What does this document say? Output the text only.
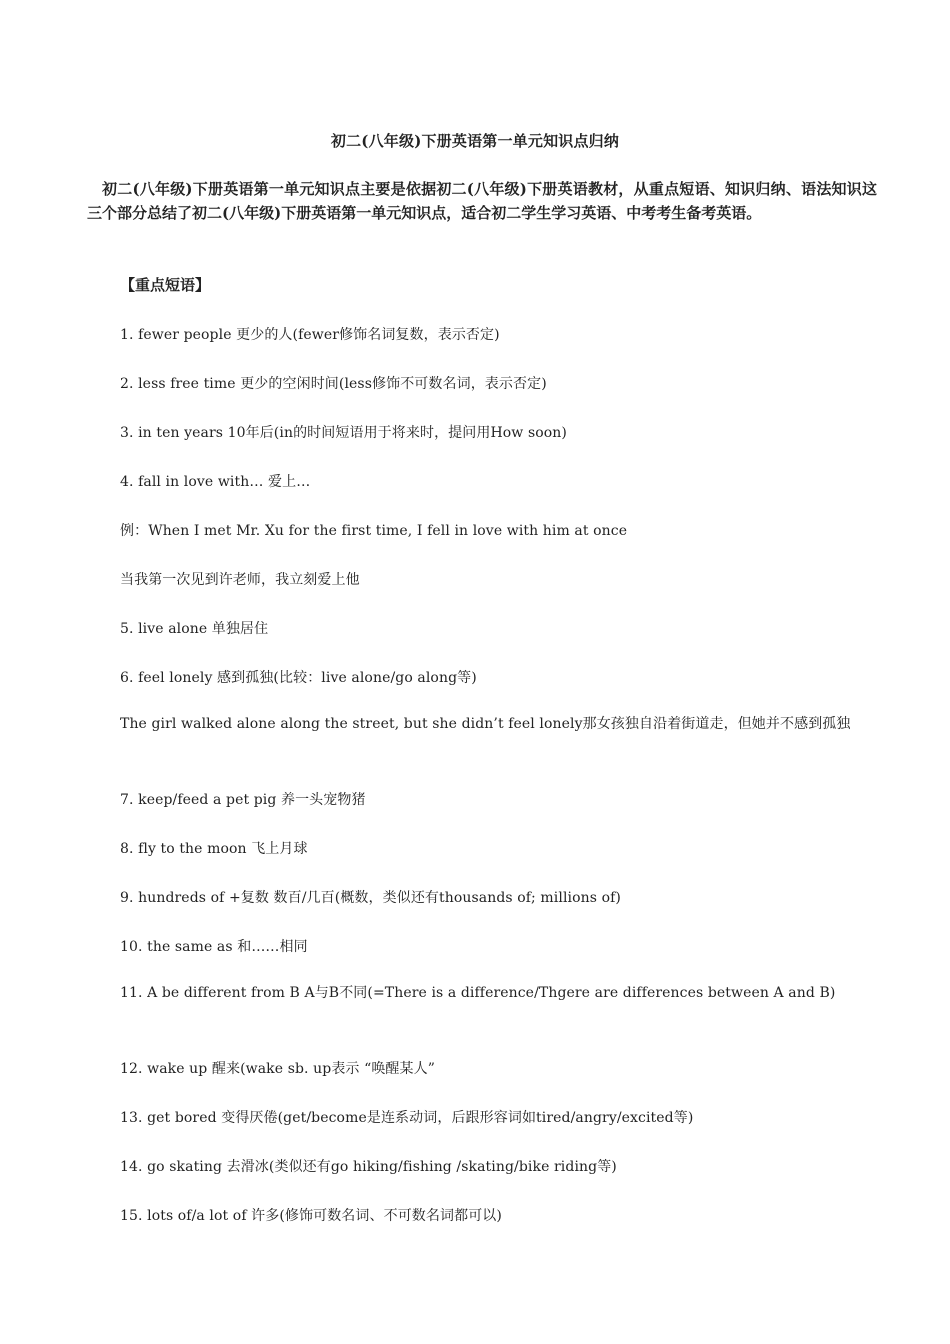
初二(八年级)下册英语第一单元知识点归纳
初二(八年级)下册英语第一单元知识点主要是依据初二(八年级)下册英语教材，从重点短语、知识归纳、语法知识这三个部分总结了初二(八年级)下册英语第一单元知识点，适合初二学生学习英语、中考考生备考英语。
【重点短语】
1. fewer people 更少的人(fewer修饰名词复数，表示否定)
2. less free time 更少的空闲时间(less修饰不可数名词，表示否定)
3. in ten years 10年后(in的时间短语用于将来时，提问用How soon)
4. fall in love with… 爱上…
例：When I met Mr. Xu for the first time, I fell in love with him at once
当我第一次见到许老师，我立刻爱上他
5. live alone 单独居住
6. feel lonely 感到孤独(比较：live alone/go along等)
The girl walked alone along the street, but she didn’t feel lonely那女孩独自沿着街道走，但她并不感到孤独
7. keep/feed a pet pig 养一头宠物猪
8. fly to the moon 飞上月球
9. hundreds of +复数 数百/几百(概数，类似还有thousands of; millions of)
10. the same as 和……相同
11. A be different from B A与B不同(=There is a difference/Thgere are differences between A and B)
12. wake up 醒来(wake sb. up表示 “唤醒某人”
13. get bored 变得厌倦(get/become是连系动词，后跟形容词如tired/angry/excited等)
14. go skating 去滑冰(类似还有go hiking/fishing /skating/bike riding等)
15. lots of/a lot of 许多(修饰可数名词、不可数名词都可以)
